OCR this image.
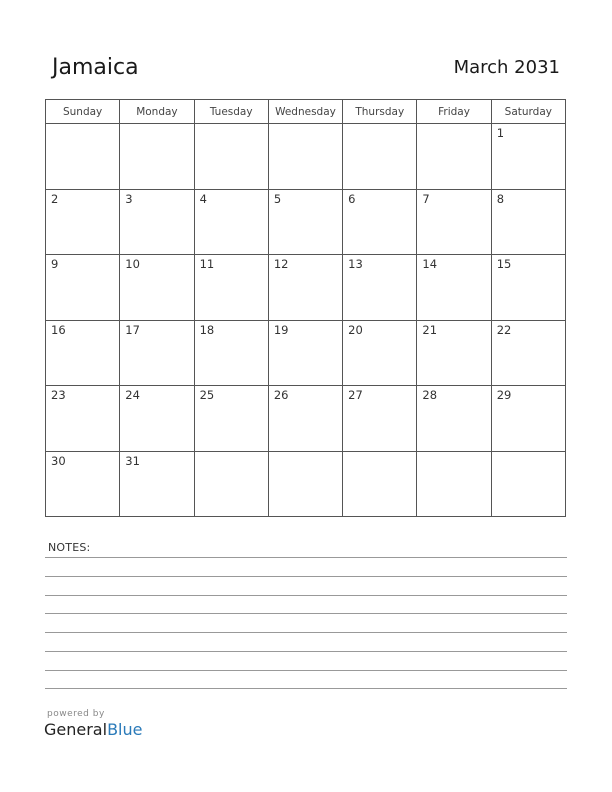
Jamaica	March 2031
Sunday	Monday	Tuesday	Wednesday	Thursday	Friday	Saturday

						1

2	3	4	5	6	7	8

9	10	11	12	13	14	15

16	17	18	19	20	21	22

23	24	25	26	27	28	29

30	31					

NOTES:
powered by
GeneralBlue
